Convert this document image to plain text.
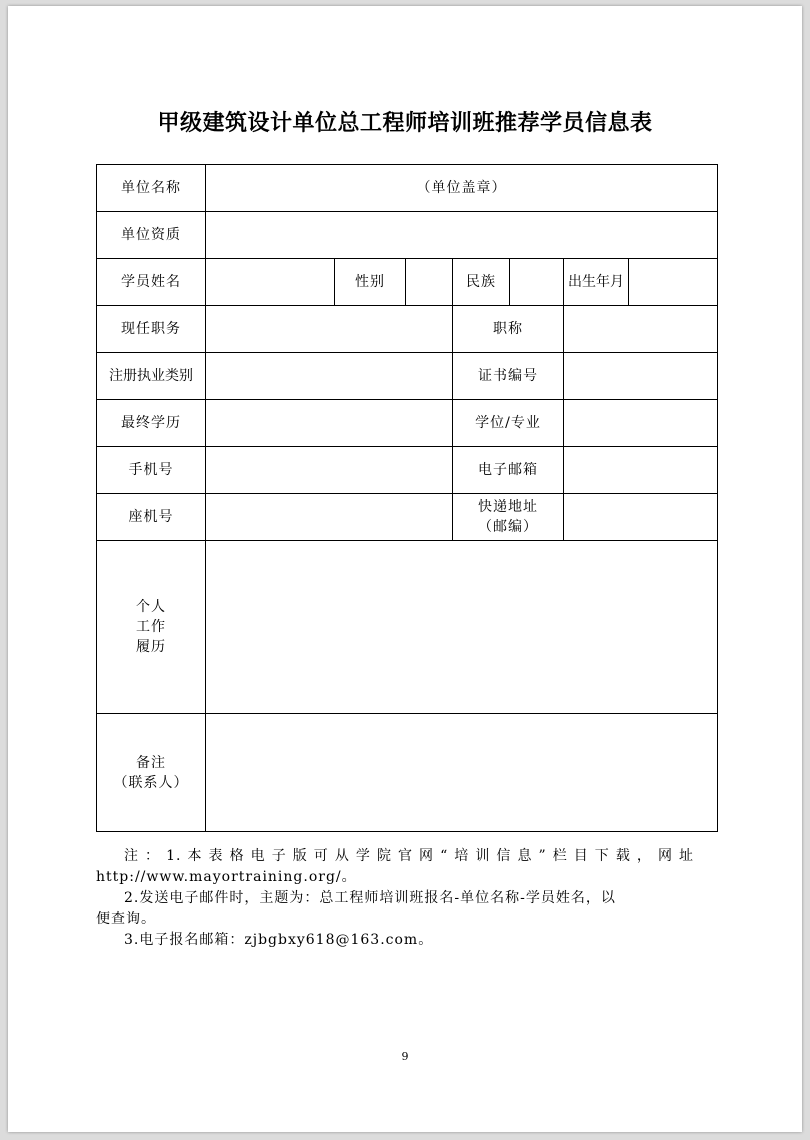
甲级建筑设计单位总工程师培训班推荐学员信息表
单位名称	（单位盖章）						
单位资质							
学员姓名		性别		民族		出生年月	
现任职务				职称			
注册执业类别				证书编号			
最终学历				学位/专业			
手机号				电子邮箱			
座机号				快递地址
（邮编）			

个人
工作
履历							

备注
（联系人）							

注：1.本表格电子版可从学院官网“培训信息”栏目下载，网址

http://www.mayortraining.org/。

2.发送电子邮件时，主题为：总工程师培训班报名-单位名称-学员姓名，以

便查询。

3.电子报名邮箱：zjbgbxy618@163.com。

9
